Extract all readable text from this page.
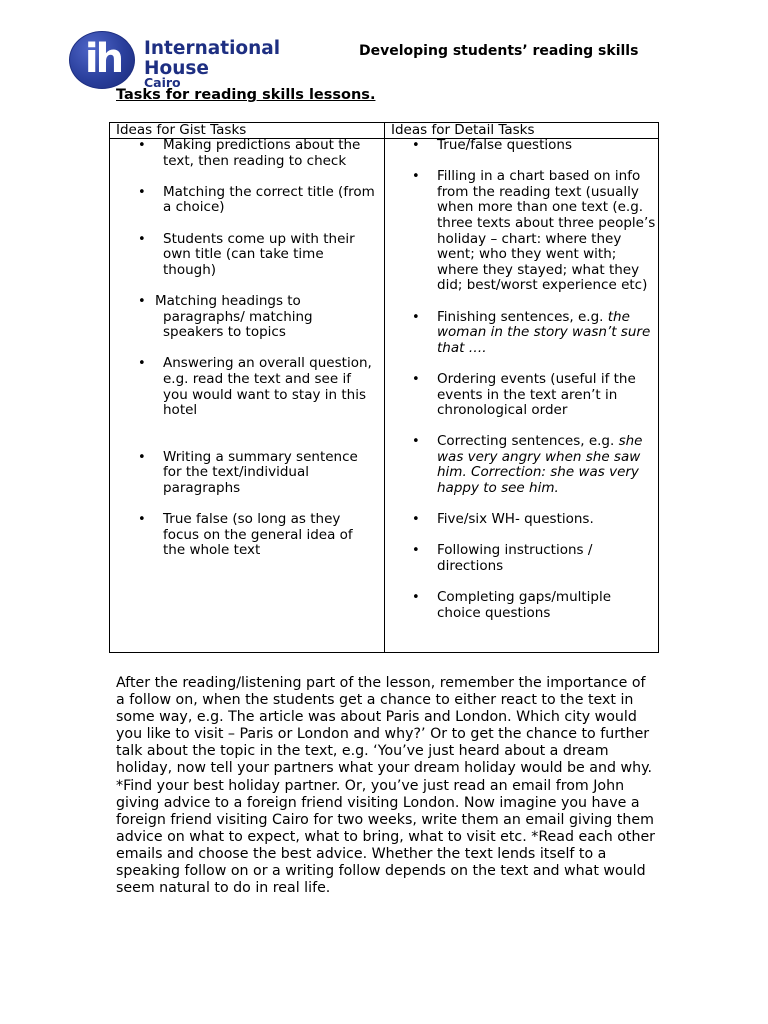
ih	International
House
Cairo
Developing students’ reading skills
Tasks for reading skills lessons.
Ideas for Gist Tasks	Ideas for Detail Tasks
• Making predictions about the text, then reading to check
• Matching the correct title (from a choice)
• Students come up with their own title (can take time though)
• Matching headings to paragraphs/ matching speakers to topics
• Answering an overall question, e.g. read the text and see if you would want to stay in this hotel
• Writing a summary sentence for the text/individual paragraphs
• True false (so long as they focus on the general idea of the whole text
• True/false questions
• Filling in a chart based on info from the reading text (usually when more than one text (e.g. three texts about three people’s holiday – chart: where they went; who they went with; where they stayed; what they did; best/worst experience etc)
• Finishing sentences, e.g. the woman in the story wasn’t sure that ….
• Ordering events (useful if the events in the text aren’t in chronological order
• Correcting sentences, e.g. she was very angry when she saw him. Correction: she was very happy to see him.
• Five/six WH- questions.
• Following instructions / directions
• Completing gaps/multiple choice questions

After the reading/listening part of the lesson, remember the importance of a follow on, when the students get a chance to either react to the text in some way, e.g. The article was about Paris and London. Which city would you like to visit – Paris or London and why?’ Or to get the chance to further talk about the topic in the text, e.g. ‘You’ve just heard about a dream holiday, now tell your partners what your dream holiday would be and why. *Find your best holiday partner. Or, you’ve just read an email from John giving advice to a foreign friend visiting London. Now imagine you have a foreign friend visiting Cairo for two weeks, write them an email giving them advice on what to expect, what to bring, what to visit etc. *Read each other emails and choose the best advice. Whether the text lends itself to a speaking follow on or a writing follow depends on the text and what would seem natural to do in real life.
